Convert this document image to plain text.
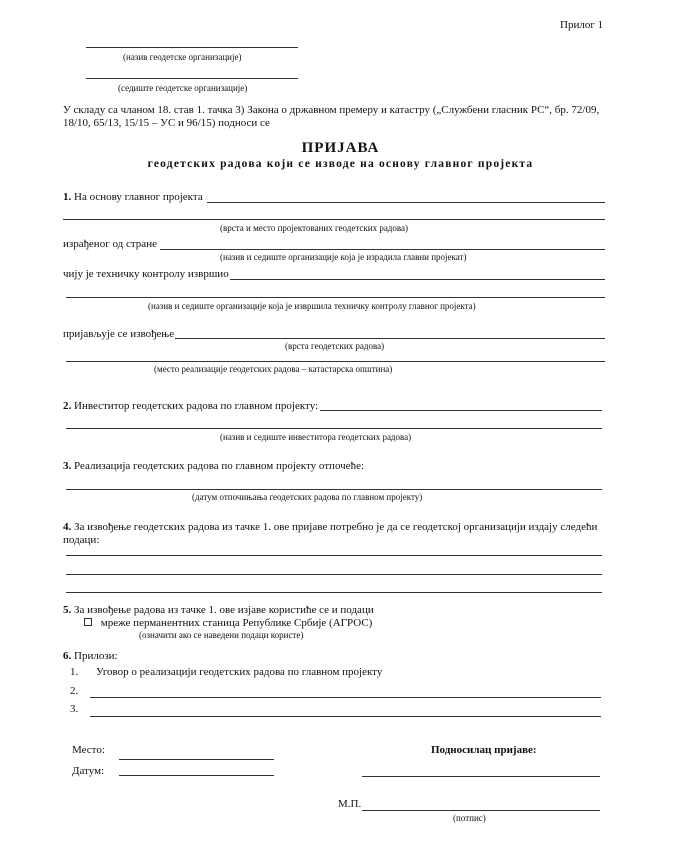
Прилог 1
(назив геодетске организације)
(седиште геодетске организације)
У складу са чланом 18. став 1. тачка 3) Закона о државном премеру и катастру („Службени гласник РС“, бр. 72/09,
18/10, 65/13, 15/15 – УС и 96/15) подноси се
ПРИЈАВА
геодетских радова који се изводе на основу главног пројекта
1. На основу главног пројекта
(врста и место пројектованих геодетских радова)
израђеног од стране
(назив и седиште организације која је израдила главни пројекат)
чију је техничку контролу извршио
(назив и седиште организације која је извршила техничку контролу главног пројекта)
пријављује се извођење
(врста геодетских радова)
(место реализације геодетских радова – катастарска општина)
2. Инвеститор геодетских радова по главном пројекту:
(назив и седиште инвеститора геодетских радова)
3. Реализација геодетских радова по главном пројекту отпочеће:
(датум отпочињања геодетских радова по главном пројекту)
4. За извођење геодетских радова из тачке 1. ове пријаве потребно је да се геодетској организацији издају следећи
подаци:
5. За извођење радова из тачке 1. ове изјаве користиће се и подаци
мреже перманентних станица Републике Србије (АГРОС)
(означити ако се наведени подаци користе)
6. Прилози:
1. Уговор о реализацији геодетских радова по главном пројекту
2.
3.
Место:
Датум:
Подносилац пријаве:
М.П.
(потпис)
